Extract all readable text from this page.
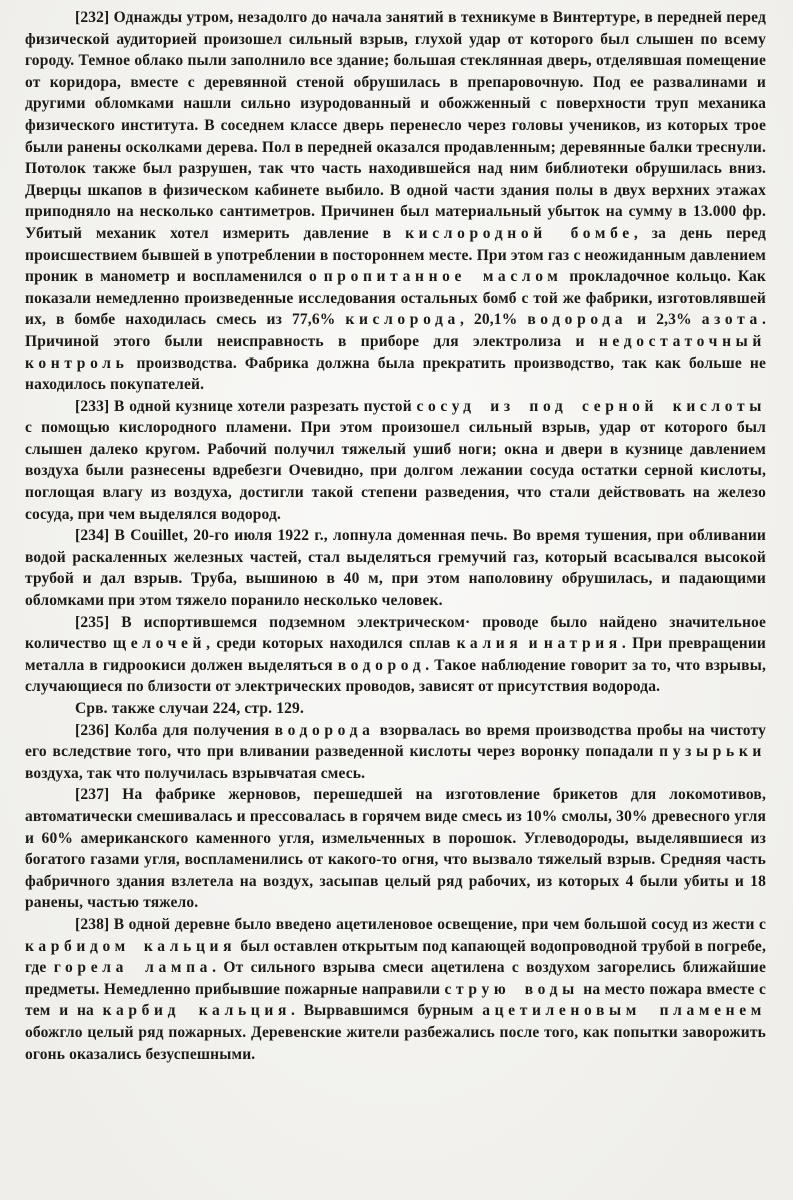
[232] Однажды утром, незадолго до начала занятий в техникуме в Винтертуре, в передней перед физической аудиторией произошел сильный взрыв, глухой удар от которого был слышен по всему городу. Темное облако пыли заполнило все здание; большая стеклянная дверь, отделявшая помещение от коридора, вместе с деревянной стеной обрушилась в препаровочную. Под ее развалинами и другими обломками нашли сильно изуродованный и обожженный с поверхности труп механика физического института. В соседнем классе дверь перенесло через головы учеников, из которых трое были ранены осколками дерева. Пол в передней оказался продавленным; деревянные балки треснули. Потолок также был разрушен, так что часть находившейся над ним библиотеки обрушилась вниз. Дверцы шкапов в физическом кабинете выбило. В одной части здания полы в двух верхних этажах приподняло на несколько сантиметров. Причинен был материальный убыток на сумму в 13.000 фр. Убитый механик хотел измерить давление в кислородной бомбе, за день перед происшествием бывшей в употреблении в постороннем месте. При этом газ с неожиданным давлением проник в манометр и воспламенился о пропитанное маслом прокладочное кольцо. Как показали немедленно произведенные исследования остальных бомб с той же фабрики, изготовлявшей их, в бомбе находилась смесь из 77,6% кислорода, 20,1% водорода и 2,3% азота. Причиной этого были неисправность в приборе для электролиза и недостаточный контроль производства. Фабрика должна была прекратить производство, так как больше не находилось покупателей.

[233] В одной кузнице хотели разрезать пустой сосуд из под серной кислоты с помощью кислородного пламени. При этом произошел сильный взрыв, удар от которого был слышен далеко кругом. Рабочий получил тяжелый ушиб ноги; окна и двери в кузнице давлением воздуха были разнесены вдребезги Очевидно, при долгом лежании сосуда остатки серной кислоты, поглощая влагу из воздуха, достигли такой степени разведения, что стали действовать на железо сосуда, при чем выделялся водород.

[234] В Couillet, 20-го июля 1922 г., лопнула доменная печь. Во время тушения, при обливании водой раскаленных железных частей, стал выделяться гремучий газ, который всасывался высокой трубой и дал взрыв. Труба, вышиною в 40 м, при этом наполовину обрушилась, и падающими обломками при этом тяжело поранило несколько человек.

[235] В испортившемся подземном электрическом· проводе было найдено значительное количество щелочей, среди которых находился сплав калия и натрия. При превращении металла в гидроокиси должен выделяться водород. Такое наблюдение говорит за то, что взрывы, случающиеся по близости от электрических проводов, зависят от присутствия водорода.

Срв. также случаи 224, стр. 129.

[236] Колба для получения водорода взорвалась во время производства пробы на чистоту его вследствие того, что при вливании разведенной кислоты через воронку попадали пузырьки воздуха, так что получилась взрывчатая смесь.

[237] На фабрике жерновов, перешедшей на изготовление брикетов для локомотивов, автоматически смешивалась и прессовалась в горячем виде смесь из 10% смолы, 30% древесного угля и 60% американского каменного угля, измельченных в порошок. Углеводороды, выделявшиеся из богатого газами угля, воспламенились от какого-то огня, что вызвало тяжелый взрыв. Средняя часть фабричного здания взлетела на воздух, засыпав целый ряд рабочих, из которых 4 были убиты и 18 ранены, частью тяжело.

[238] В одной деревне было введено ацетиленовое освещение, при чем большой сосуд из жести с карбидом кальция был оставлен открытым под капающей водопроводной трубой в погребе, где горела лампа. От сильного взрыва смеси ацетилена с воздухом загорелись ближайшие предметы. Немедленно прибывшие пожарные направили струю воды на место пожара вместе с тем и на карбид кальция. Вырвавшимся бурным ацетиленовым пламенем обожгло целый ряд пожарных. Деревенские жители разбежались после того, как попытки заворожить огонь оказались безуспешными.
